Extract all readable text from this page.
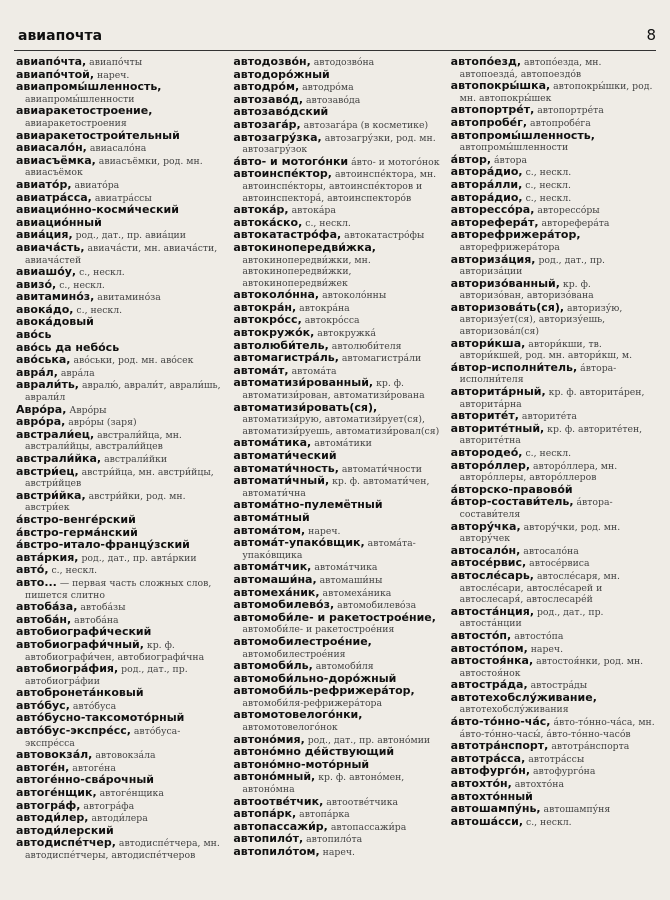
авиапочта	8
авиапо́чта, авиапо́чты
авиапо́чтой, нареч.
авиапромы́шленность, авиапромы́шленности
авиаракетостроение, авиаракетостроения
авиаракетострои́тельный
авиасало́н, авиасало́на
авиасъёмка, авиасъёмки, род. мн. авиасъёмок
авиато́р, авиато́ра
авиатра́сса, авиатра́ссы
авиацио́нно-косми́ческий
авиацио́нный
авиа́ция, род., дат., пр. авиа́ции
авиача́сть, авиача́сти, мн. авиача́сти, авиача́стей
авиашо́у, с., нескл.
авизо́, с., нескл.
авитамино́з, авитамино́за
авока́до, с., нескл.
авока́довый
аво́сь
аво́сь да небо́сь
аво́ська, аво́ськи, род. мн. аво́сек
авра́л, авра́ла
аврали́ть, авралю́, аврали́т, аврали́шь, аврали́л
Авро́ра, Авро́ры
авро́ра, авро́ры (заря)
австрали́ец, австрали́йца, мн. австрали́йцы, австрали́йцев
австрали́йка, австрали́йки
австри́ец, австри́йца, мн. австри́йцы, австри́йцев
австри́йка, австри́йки, род. мн. австри́ек
а́встро-венге́рский
а́встро-герма́нский
а́встро-итало-францу́зский
авта́ркия, род., дат., пр. авта́ркии
авто́, с., нескл.
авто... — первая часть сложных слов, пишется слитно
автоба́за, автоба́зы
автоба́н, автоба́на
автобиографи́ческий
автобиографи́чный, кр. ф. автобиографи́чен, автобиографи́чна
автобиогра́фия, род., дат., пр. автобиогра́фии
автобронета́нковый
авто́бус, авто́буса
авто́бусно-таксомото́рный
авто́бус-экспре́сс, авто́буса-экспре́сса
автовокза́л, автовокза́ла
автоге́н, автоге́на
автоге́нно-сва́рочный
автоге́нщик, автоге́нщика
автогра́ф, автогра́фа
автоди́лер, автоди́лера
автоди́лерский
автодиспе́тчер, автодиспе́тчера, мн. автодиспе́тчеры, автодиспе́тчеров
автодозво́н, автодозво́на
автодоро́жный
автодро́м, автодро́ма
автозаво́д, автозаво́да
автозаво́дский
автозага́р, автозага́ра (в косметике)
автозагру́зка, автозагру́зки, род. мн. автозагру́зок
а́вто- и мотого́нки а́вто- и мотого́нок
автоинспе́ктор, автоинспе́ктора, мн. автоинспе́кторы, автоинспе́кторов и автоинспектора́, автоинспекторо́в
автока́р, автока́ра
автока́ско, с., нескл.
автокатастро́фа, автокатастро́фы
автокинопередви́жка, автокинопередви́жки, мн. автокинопередви́жки, автокинопередви́жек
автоколо́нна, автоколо́нны
автокра́н, автокра́на
автокро́сс, автокро́сса
автокружо́к, автокружка́
автолюби́тель, автолюби́теля
автомагистра́ль, автомагистра́ли
автома́т, автома́та
автоматизи́рованный, кр. ф. автоматизи́рован, автоматизи́рована
автоматизи́ровать(ся), автоматизи́рую, автоматизи́рует(ся), автоматизи́руешь, автоматизи́ровал(ся)
автома́тика, автома́тики
автомати́ческий
автомати́чность, автомати́чности
автомати́чный, кр. ф. автомати́чен, автомати́чна
автома́тно-пулемётный
автома́тный
автома́том, нареч.
автома́т-упако́вщик, автома́та-упако́вщика
автома́тчик, автома́тчика
автомаши́на, автомаши́ны
автомеха́ник, автомеха́ника
автомобилево́з, автомобилево́за
автомоби́ле- и ракетострое́ние, автомоби́ле- и ракетострое́ния
автомобилестрое́ние, автомобилестрое́ния
автомоби́ль, автомоби́ля
автомоби́льно-доро́жный
автомоби́ль-рефрижера́тор, автомоби́ля-рефрижера́тора
автомотовелого́нки, автомотовелого́нок
автоно́мия, род., дат., пр. автоно́мии
автоно́мно де́йствующий
автоно́мно-мото́рный
автоно́мный, кр. ф. автоно́мен, автоно́мна
автоотве́тчик, автоотве́тчика
автопа́рк, автопа́рка
автопассажи́р, автопассажи́ра
автопило́т, автопило́та
автопило́том, нареч.
автопо́езд, автопо́езда, мн. автопоезда́, автопоездо́в
автопокры́шка, автопокры́шки, род. мн. автопокры́шек
автопортре́т, автопортре́та
автопробе́г, автопробе́га
автопромы́шленность, автопромы́шленности
а́втор, а́втора
автора́дио, с., нескл.
автора́лли, с., нескл.
автора́дио, с., нескл.
авторессо́ра, авторессо́ры
авторефера́т, авторефера́та
авторефрижера́тор, авторефрижера́тора
авториза́ция, род., дат., пр. авториза́ции
авторизо́ванный, кр. ф. авторизо́ван, авторизо́вана
авторизова́ть(ся), авторизу́ю, авторизу́ет(ся), авторизу́ешь, авторизова́л(ся)
автори́кша, автори́кши, тв. автори́кшей, род. мн. автори́кш, м.
а́втор-исполни́тель, а́втора-исполни́теля
авторита́рный, кр. ф. авторита́рен, авторита́рна
авторите́т, авторите́та
авторите́тный, кр. ф. авторите́тен, авторите́тна
автородео́, с., нескл.
авторо́ллер, авторо́ллера, мн. авторо́ллеры, авторо́ллеров
а́вторско-правово́й
а́втор-состави́тель, а́втора-состави́теля
автору́чка, автору́чки, род. мн. автору́чек
автосало́н, автосало́на
автосе́рвис, автосе́рвиса
автосле́сарь, автосле́саря, мн. автосле́сари, автосле́сарей и автослесаря́, автослесаре́й
автоста́нция, род., дат., пр. автоста́нции
автосто́п, автосто́па
автосто́пом, нареч.
автостоя́нка, автостоя́нки, род. мн. автостоя́нок
автостра́да, автостра́ды
автотехобслу́живание, автотехобслу́живания
а́вто-то́нно-ча́с, а́вто-то́нно-ча́са, мн. а́вто-то́нно-часы́, а́вто-то́нно-часо́в
автотра́нспорт, автотра́нспорта
автотра́сса, автотра́ссы
автофурго́н, автофурго́на
автохто́н, автохто́на
автохто́нный
автошампу́нь, автошампу́ня
автоша́сси, с., нескл.
